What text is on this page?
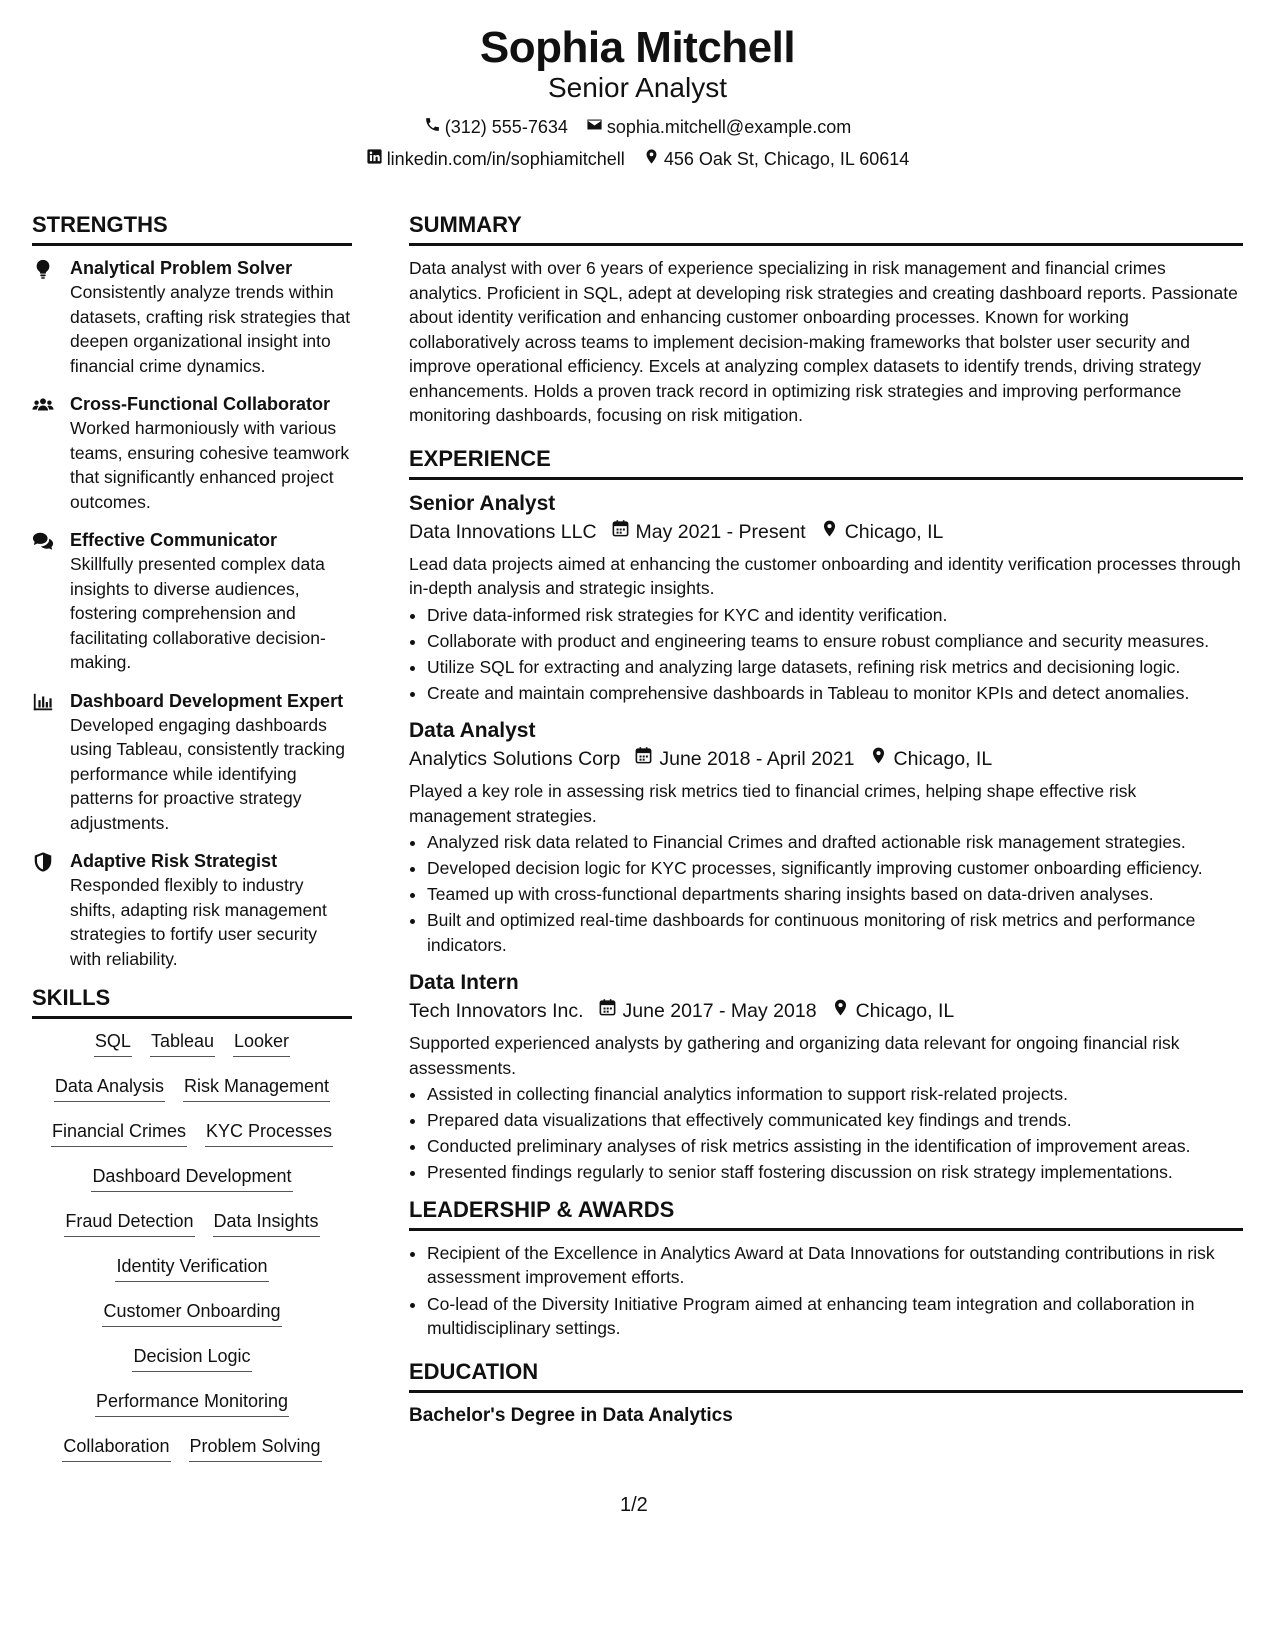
Sophia Mitchell
Senior Analyst
(312) 555-7634 sophia.mitchell@example.com
linkedin.com/in/sophiamitchell 456 Oak St, Chicago, IL 60614
STRENGTHS
Analytical Problem Solver
Consistently analyze trends within datasets, crafting risk strategies that deepen organizational insight into financial crime dynamics.
Cross-Functional Collaborator
Worked harmoniously with various teams, ensuring cohesive teamwork that significantly enhanced project outcomes.
Effective Communicator
Skillfully presented complex data insights to diverse audiences, fostering comprehension and facilitating collaborative decision-making.
Dashboard Development Expert
Developed engaging dashboards using Tableau, consistently tracking performance while identifying patterns for proactive strategy adjustments.
Adaptive Risk Strategist
Responded flexibly to industry shifts, adapting risk management strategies to fortify user security with reliability.
SKILLS
SQL Tableau Looker
Data Analysis Risk Management
Financial Crimes KYC Processes
Dashboard Development
Fraud Detection Data Insights
Identity Verification
Customer Onboarding
Decision Logic
Performance Monitoring
Collaboration Problem Solving
SUMMARY
Data analyst with over 6 years of experience specializing in risk management and financial crimes analytics. Proficient in SQL, adept at developing risk strategies and creating dashboard reports. Passionate about identity verification and enhancing customer onboarding processes. Known for working collaboratively across teams to implement decision-making frameworks that bolster user security and improve operational efficiency. Excels at analyzing complex datasets to identify trends, driving strategy enhancements. Holds a proven track record in optimizing risk strategies and improving performance monitoring dashboards, focusing on risk mitigation.
EXPERIENCE
Senior Analyst
Data Innovations LLC May 2021 - Present Chicago, IL
Lead data projects aimed at enhancing the customer onboarding and identity verification processes through in-depth analysis and strategic insights.
• Drive data-informed risk strategies for KYC and identity verification.
• Collaborate with product and engineering teams to ensure robust compliance and security measures.
• Utilize SQL for extracting and analyzing large datasets, refining risk metrics and decisioning logic.
• Create and maintain comprehensive dashboards in Tableau to monitor KPIs and detect anomalies.
Data Analyst
Analytics Solutions Corp June 2018 - April 2021 Chicago, IL
Played a key role in assessing risk metrics tied to financial crimes, helping shape effective risk management strategies.
• Analyzed risk data related to Financial Crimes and drafted actionable risk management strategies.
• Developed decision logic for KYC processes, significantly improving customer onboarding efficiency.
• Teamed up with cross-functional departments sharing insights based on data-driven analyses.
• Built and optimized real-time dashboards for continuous monitoring of risk metrics and performance indicators.
Data Intern
Tech Innovators Inc. June 2017 - May 2018 Chicago, IL
Supported experienced analysts by gathering and organizing data relevant for ongoing financial risk assessments.
• Assisted in collecting financial analytics information to support risk-related projects.
• Prepared data visualizations that effectively communicated key findings and trends.
• Conducted preliminary analyses of risk metrics assisting in the identification of improvement areas.
• Presented findings regularly to senior staff fostering discussion on risk strategy implementations.
LEADERSHIP & AWARDS
• Recipient of the Excellence in Analytics Award at Data Innovations for outstanding contributions in risk assessment improvement efforts.
• Co-lead of the Diversity Initiative Program aimed at enhancing team integration and collaboration in multidisciplinary settings.
EDUCATION
Bachelor's Degree in Data Analytics
1/2
